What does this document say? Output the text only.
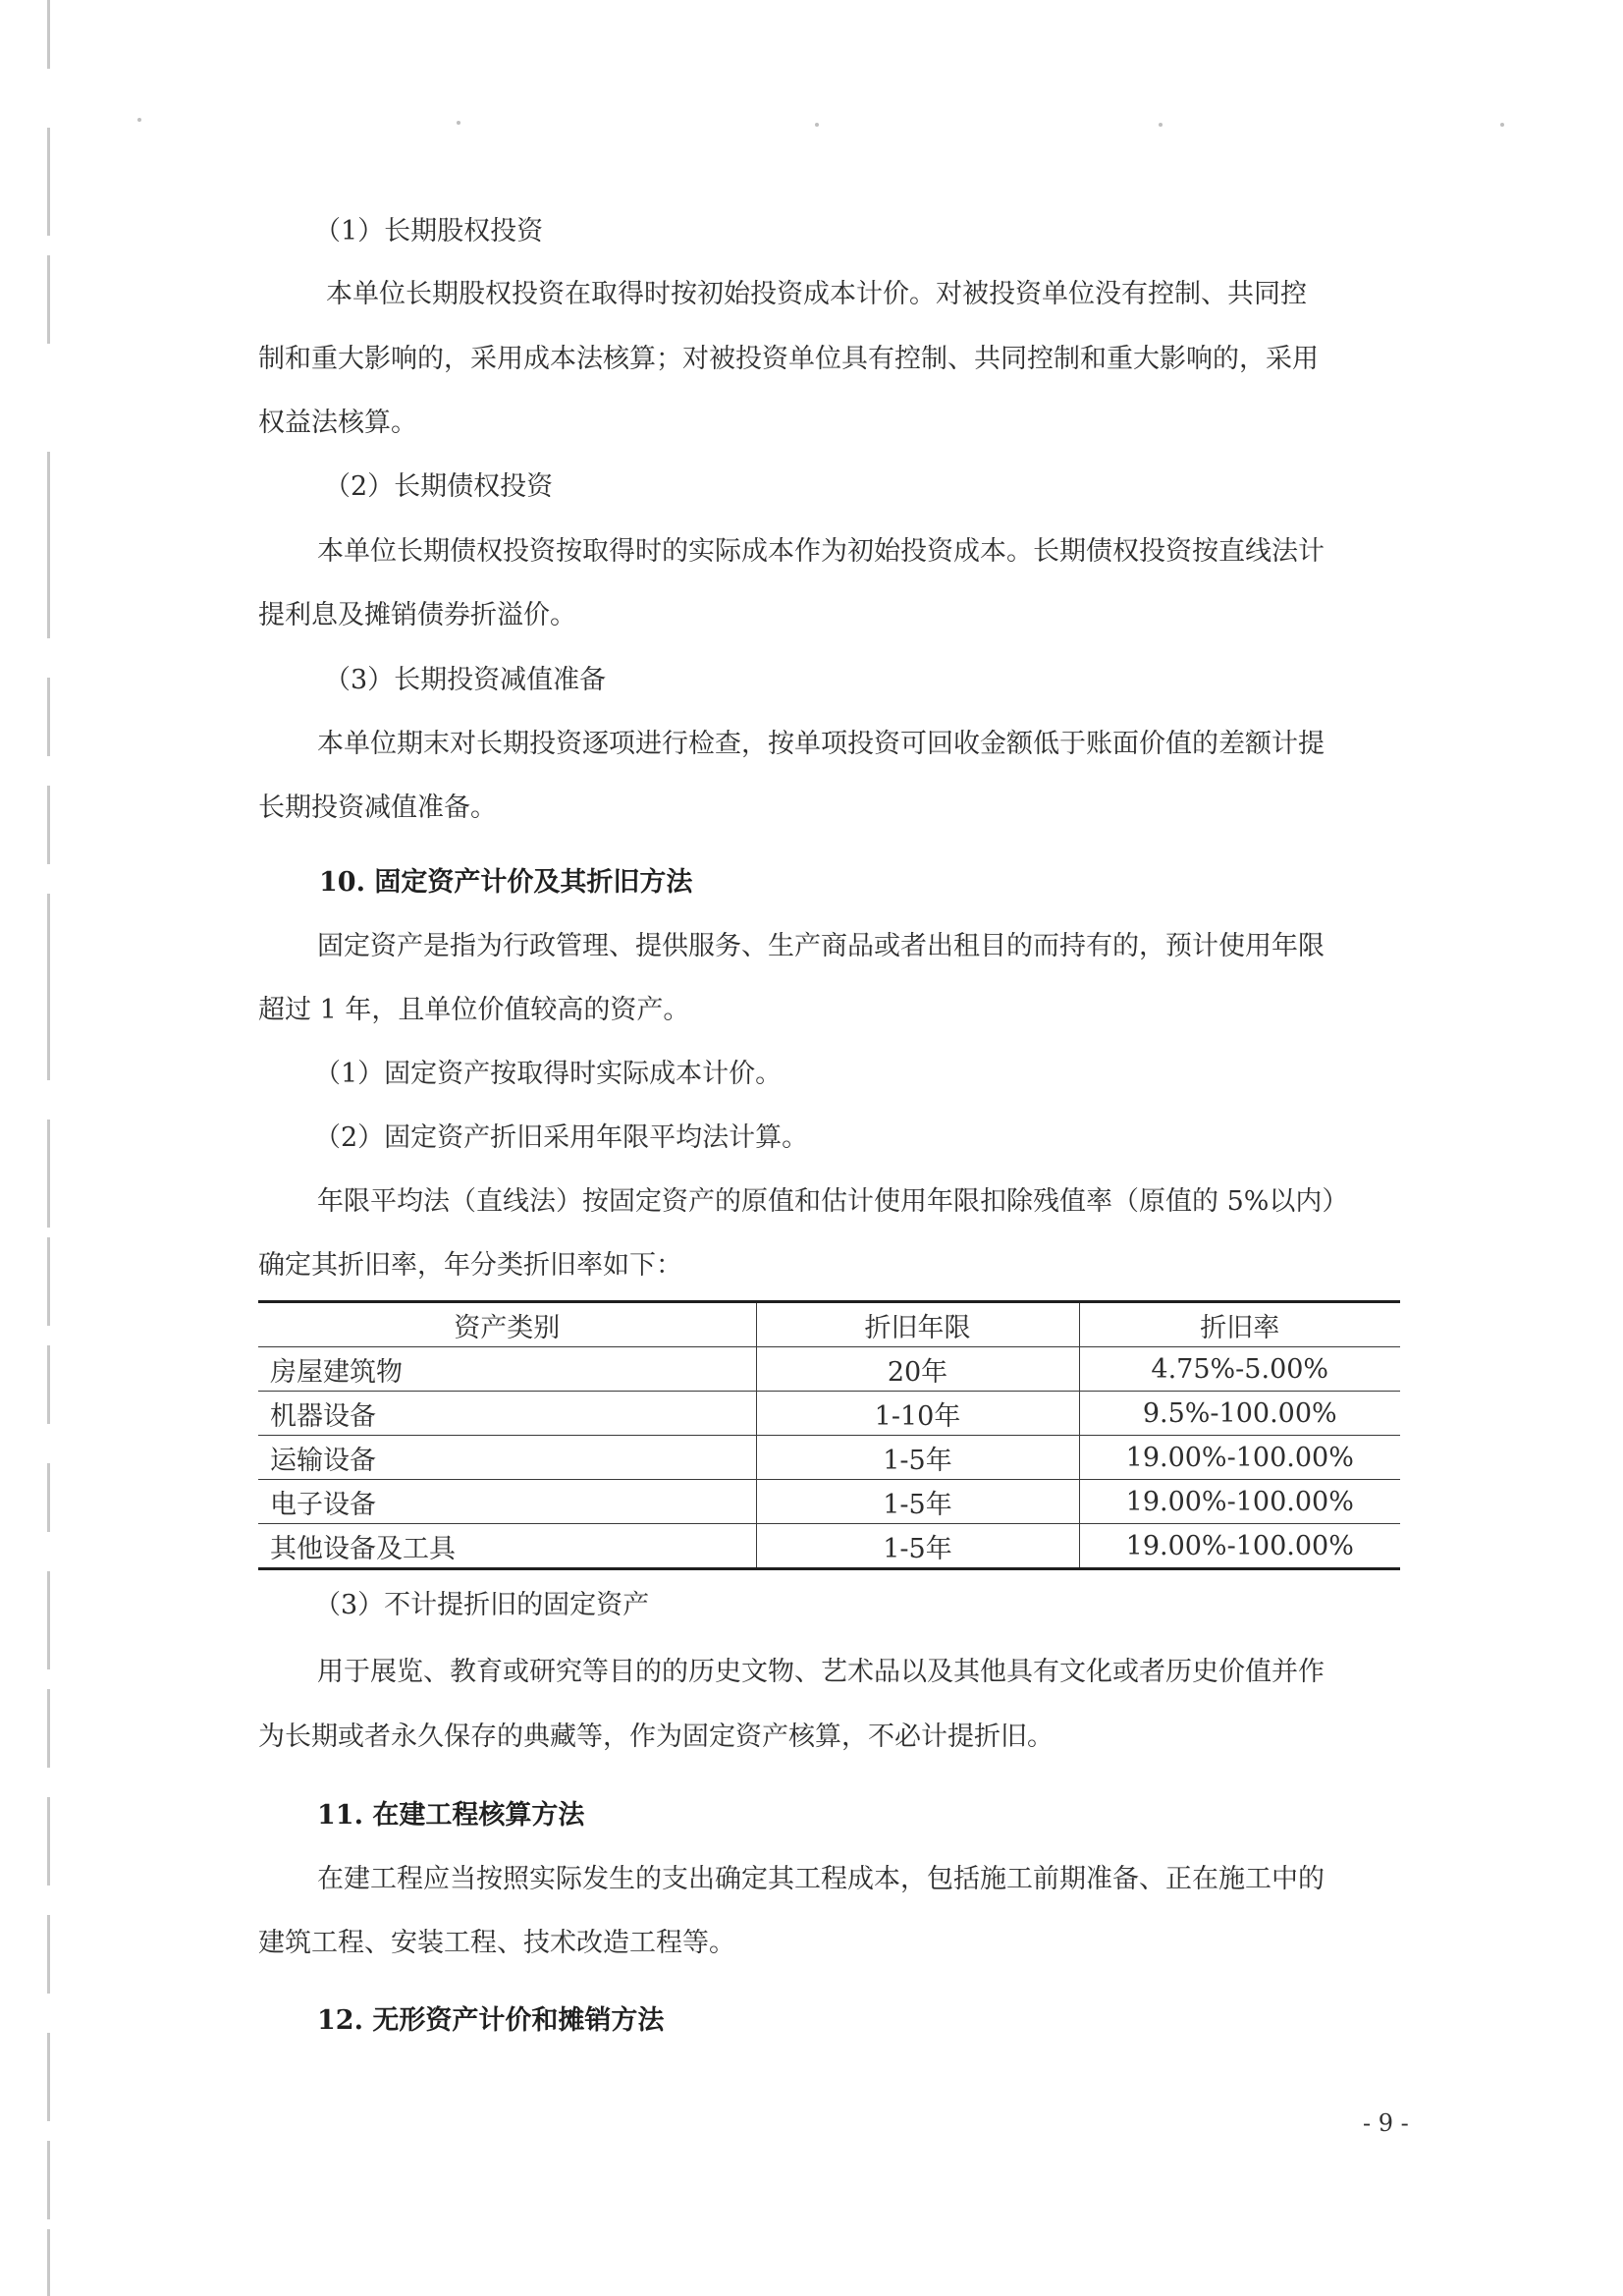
（1）长期股权投资

本单位长期股权投资在取得时按初始投资成本计价。对被投资单位没有控制、共同控

制和重大影响的，采用成本法核算；对被投资单位具有控制、共同控制和重大影响的，采用

权益法核算。

（2）长期债权投资

本单位长期债权投资按取得时的实际成本作为初始投资成本。长期债权投资按直线法计

提利息及摊销债券折溢价。

（3）长期投资减值准备

本单位期末对长期投资逐项进行检查，按单项投资可回收金额低于账面价值的差额计提

长期投资减值准备。

10. 固定资产计价及其折旧方法

固定资产是指为行政管理、提供服务、生产商品或者出租目的而持有的，预计使用年限

超过 1 年，且单位价值较高的资产。

（1）固定资产按取得时实际成本计价。

（2）固定资产折旧采用年限平均法计算。

年限平均法（直线法）按固定资产的原值和估计使用年限扣除残值率（原值的 5%以内）

确定其折旧率，年分类折旧率如下：

资产类别	折旧年限	折旧率
房屋建筑物	20年	4.75%-5.00%
机器设备	1-10年	9.5%-100.00%
运输设备	1-5年	19.00%-100.00%
电子设备	1-5年	19.00%-100.00%
其他设备及工具	1-5年	19.00%-100.00%

（3）不计提折旧的固定资产

用于展览、教育或研究等目的的历史文物、艺术品以及其他具有文化或者历史价值并作

为长期或者永久保存的典藏等，作为固定资产核算，不必计提折旧。

11. 在建工程核算方法

在建工程应当按照实际发生的支出确定其工程成本，包括施工前期准备、正在施工中的

建筑工程、安装工程、技术改造工程等。

12. 无形资产计价和摊销方法

- 9 -
